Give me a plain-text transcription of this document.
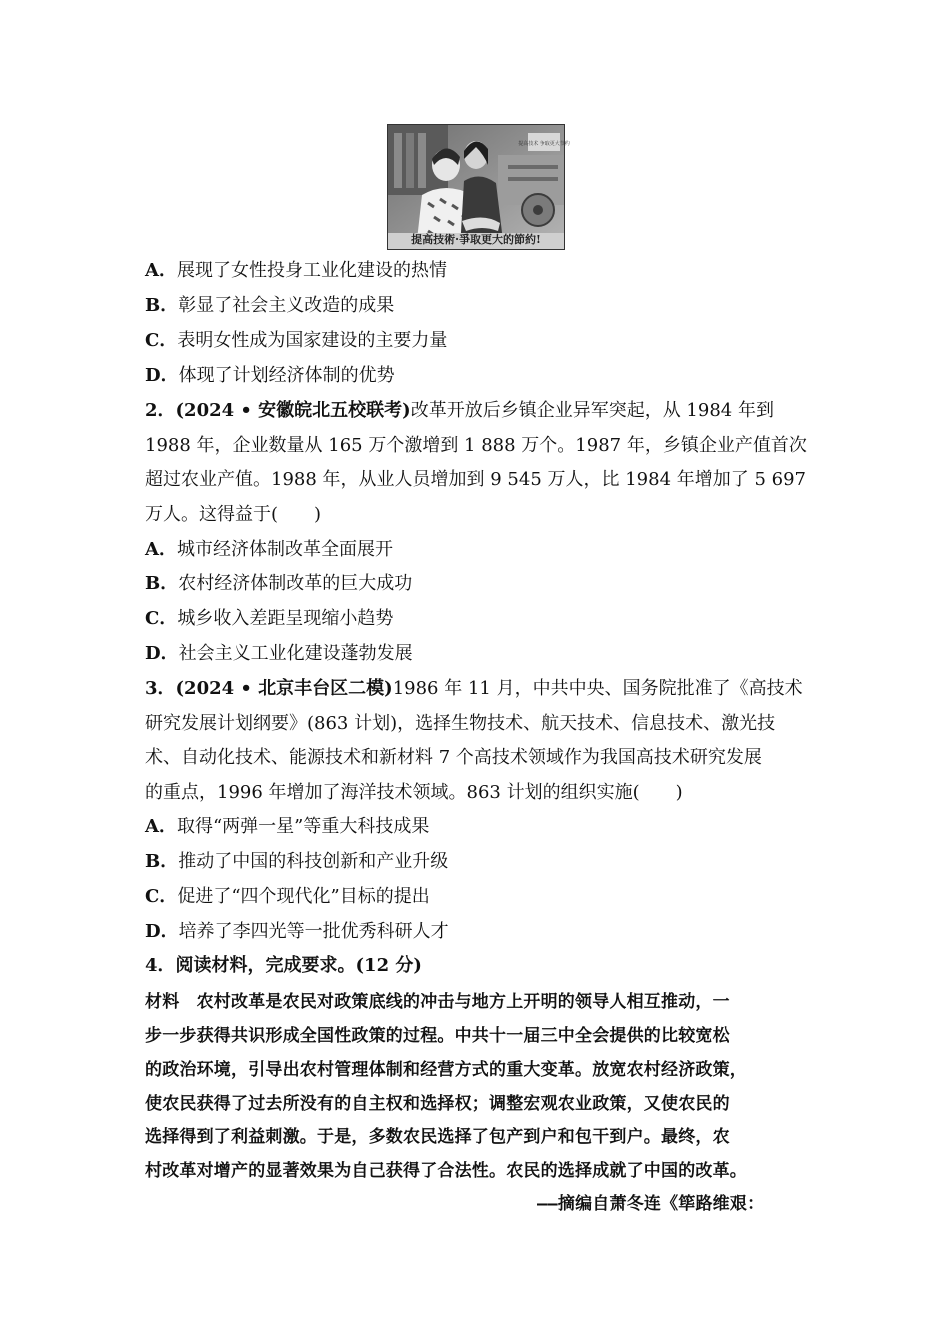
提高技术 争取更大节约
提高技術·爭取更大的節約!
A．展现了女性投身工业化建设的热情
B．彰显了社会主义改造的成果
C．表明女性成为国家建设的主要力量
D．体现了计划经济体制的优势
2．(2024 • 安徽皖北五校联考)改革开放后乡镇企业异军突起，从 1984 年到
1988 年，企业数量从 165 万个激增到 1 888 万个。1987 年，乡镇企业产值首次
超过农业产值。1988 年，从业人员增加到 9 545 万人，比 1984 年增加了 5 697
万人。这得益于(　　)
A．城市经济体制改革全面展开
B．农村经济体制改革的巨大成功
C．城乡收入差距呈现缩小趋势
D．社会主义工业化建设蓬勃发展
3．(2024 • 北京丰台区二模)1986 年 11 月，中共中央、国务院批准了《高技术
研究发展计划纲要》(863 计划)，选择生物技术、航天技术、信息技术、激光技
术、自动化技术、能源技术和新材料 7 个高技术领域作为我国高技术研究发展
的重点，1996 年增加了海洋技术领域。863 计划的组织实施(　　)
A．取得“两弹一星”等重大科技成果
B．推动了中国的科技创新和产业升级
C．促进了“四个现代化”目标的提出
D．培养了李四光等一批优秀科研人才
4．阅读材料，完成要求。(12 分)
材料　农村改革是农民对政策底线的冲击与地方上开明的领导人相互推动，一
步一步获得共识形成全国性政策的过程。中共十一届三中全会提供的比较宽松
的政治环境，引导出农村管理体制和经营方式的重大变革。放宽农村经济政策，
使农民获得了过去所没有的自主权和选择权；调整宏观农业政策，又使农民的
选择得到了利益刺激。于是，多数农民选择了包产到户和包干到户。最终，农
村改革对增产的显著效果为自己获得了合法性。农民的选择成就了中国的改革。
——摘编自萧冬连《筚路维艰：
